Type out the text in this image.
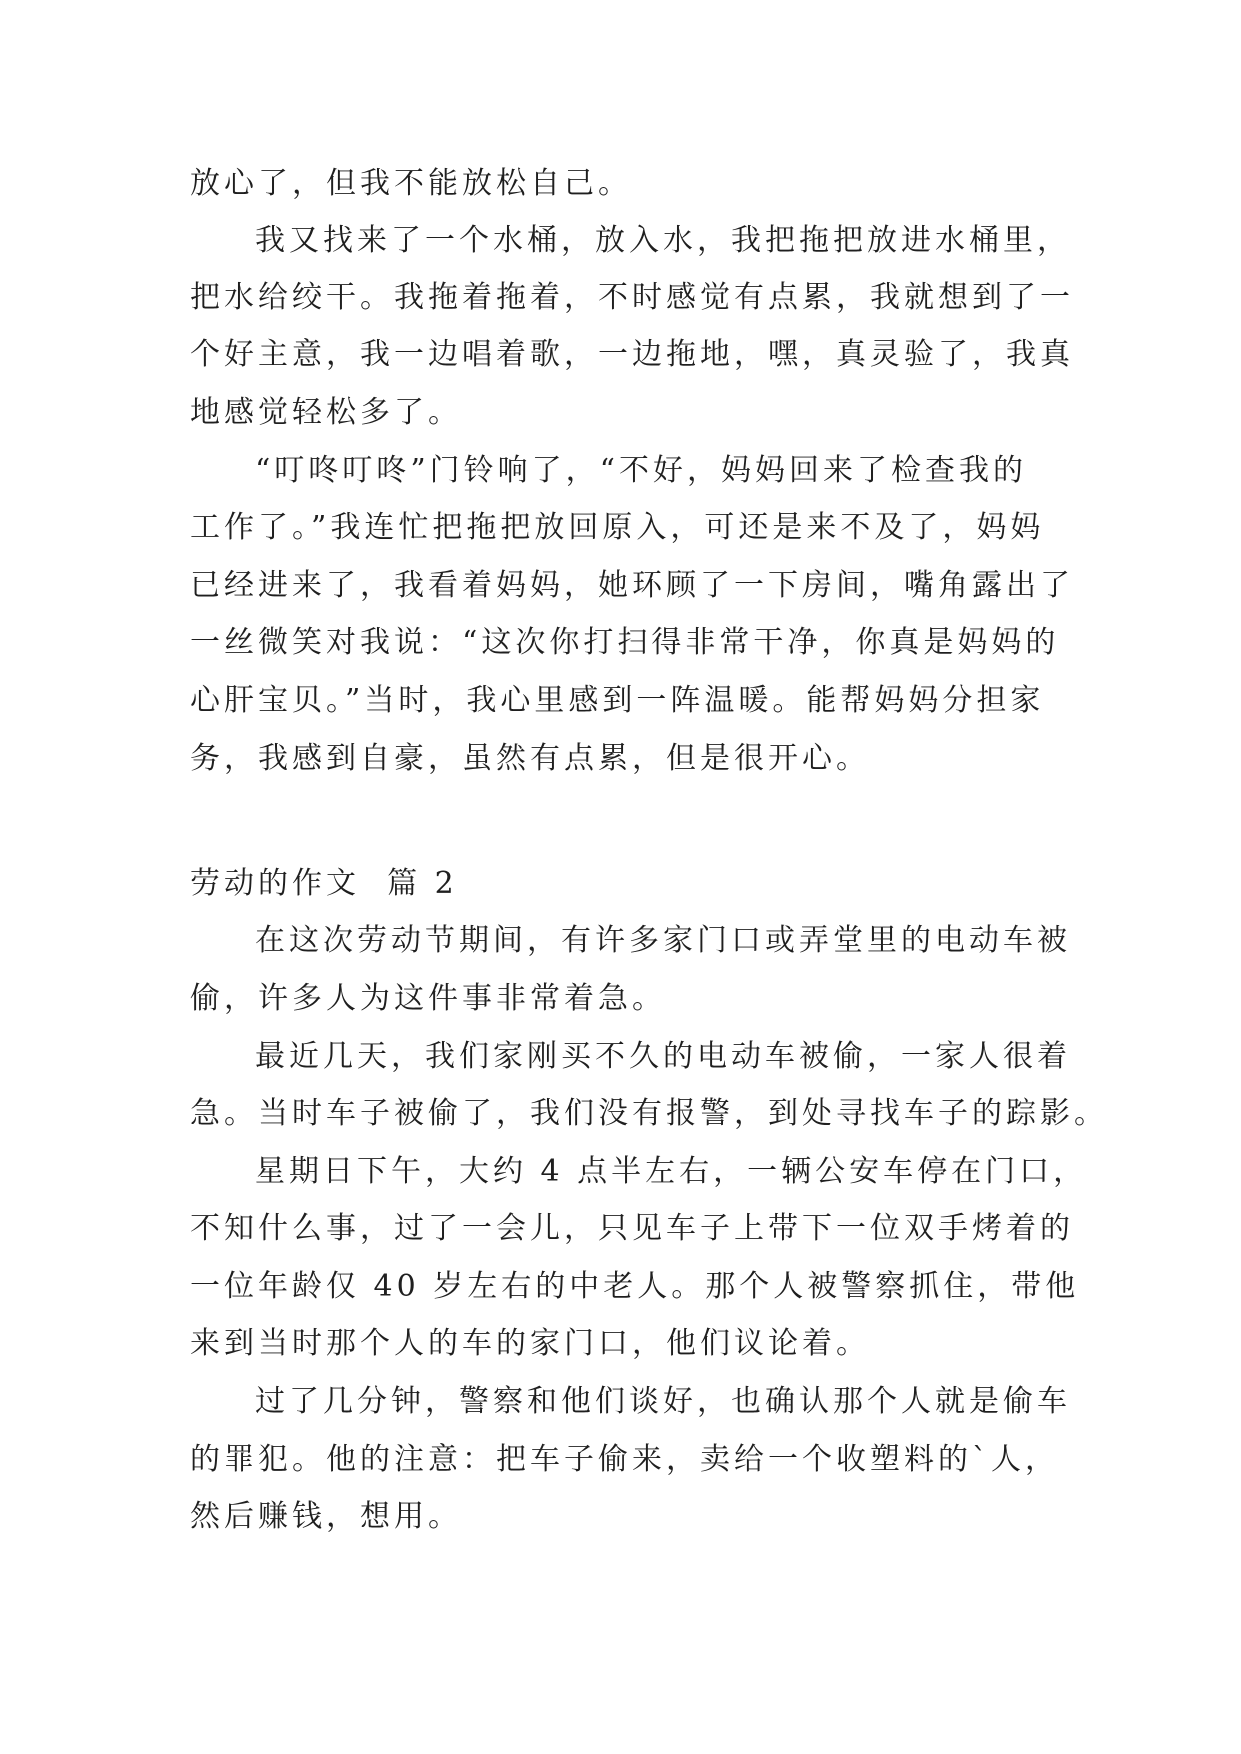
放心了，但我不能放松自己。
我又找来了一个水桶，放入水，我把拖把放进水桶里，
把水给绞干。我拖着拖着，不时感觉有点累，我就想到了一
个好主意，我一边唱着歌，一边拖地，嘿，真灵验了，我真
地感觉轻松多了。
“叮咚叮咚”门铃响了，“不好，妈妈回来了检查我的
工作了。”我连忙把拖把放回原入，可还是来不及了，妈妈
已经进来了，我看着妈妈，她环顾了一下房间，嘴角露出了
一丝微笑对我说：“这次你打扫得非常干净，你真是妈妈的
心肝宝贝。”当时，我心里感到一阵温暖。能帮妈妈分担家
务，我感到自豪，虽然有点累，但是很开心。
劳动的作文  篇 2
在这次劳动节期间，有许多家门口或弄堂里的电动车被
偷，许多人为这件事非常着急。
最近几天，我们家刚买不久的电动车被偷，一家人很着
急。当时车子被偷了，我们没有报警，到处寻找车子的踪影。
星期日下午，大约 4 点半左右，一辆公安车停在门口，
不知什么事，过了一会儿，只见车子上带下一位双手烤着的
一位年龄仅 40 岁左右的中老人。那个人被警察抓住，带他
来到当时那个人的车的家门口，他们议论着。
过了几分钟，警察和他们谈好，也确认那个人就是偷车
的罪犯。他的注意：把车子偷来，卖给一个收塑料的`人，
然后赚钱，想用。
